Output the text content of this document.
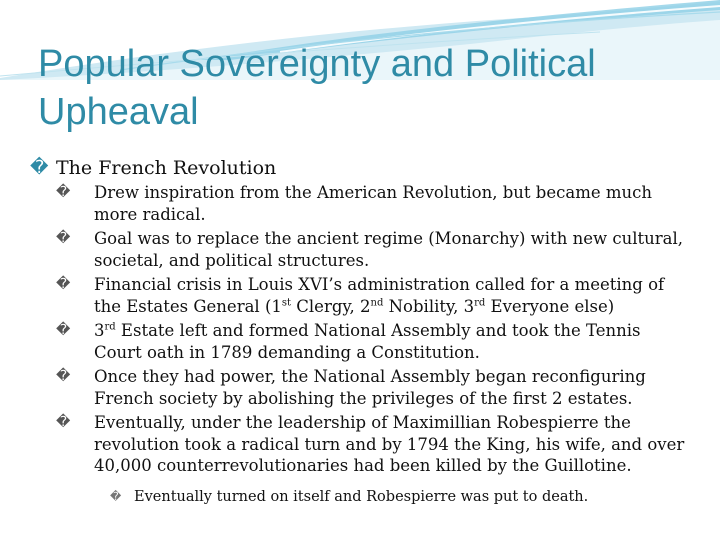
Popular Sovereignty and Political Upheaval
� The French Revolution
�	Drew inspiration from the American Revolution, but became much more radical.
�	Goal was to replace the ancient regime (Monarchy) with new cultural, societal, and political structures.
�	Financial crisis in Louis XVI’s administration called for a meeting of the Estates General (1st Clergy, 2nd Nobility, 3rd Everyone else)
�	3rd Estate left and formed National Assembly and took the Tennis Court oath in 1789 demanding a Constitution.
�	Once they had power, the National Assembly began reconfiguring French society by abolishing the privileges of the first 2 estates.
�	Eventually, under the leadership of Maximillian Robespierre the revolution took a radical turn and by 1794 the King, his wife, and over 40,000 counterrevolutionaries had been killed by the Guillotine.
� Eventually turned on itself and Robespierre was put to death.
